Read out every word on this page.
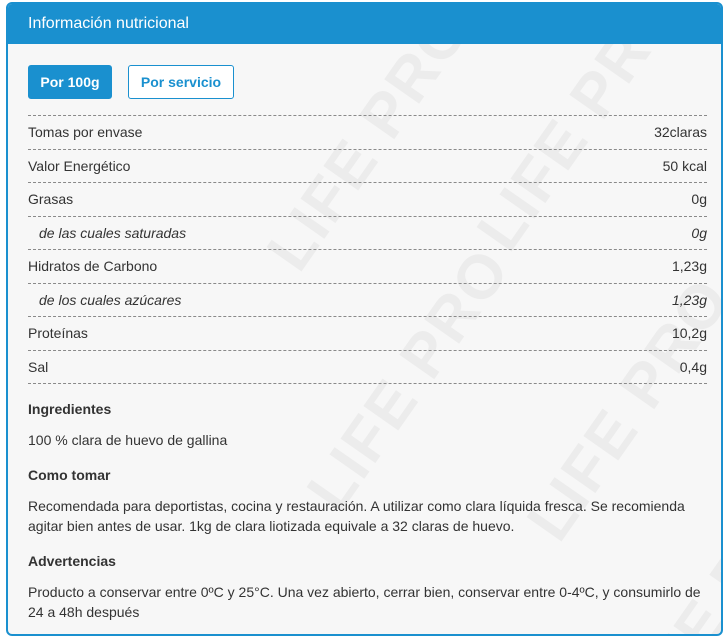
Información nutricional
Por 100g	Por servicio
Tomas por envase	32claras
Valor Energético	50 kcal
Grasas	0g
de las cuales saturadas	0g
Hidratos de Carbono	1,23g
de los cuales azúcares	1,23g
Proteínas	10,2g
Sal	0,4g
Ingredientes
100 % clara de huevo de gallina
Como tomar
Recomendada para deportistas, cocina y restauración. A utilizar como clara líquida fresca. Se recomienda agitar bien antes de usar. 1kg de clara liotizada equivale a 32 claras de huevo.
Advertencias
Producto a conservar entre 0ºC y 25°C. Una vez abierto, cerrar bien, conservar entre 0-4ºC, y consumirlo de 24 a 48h después
